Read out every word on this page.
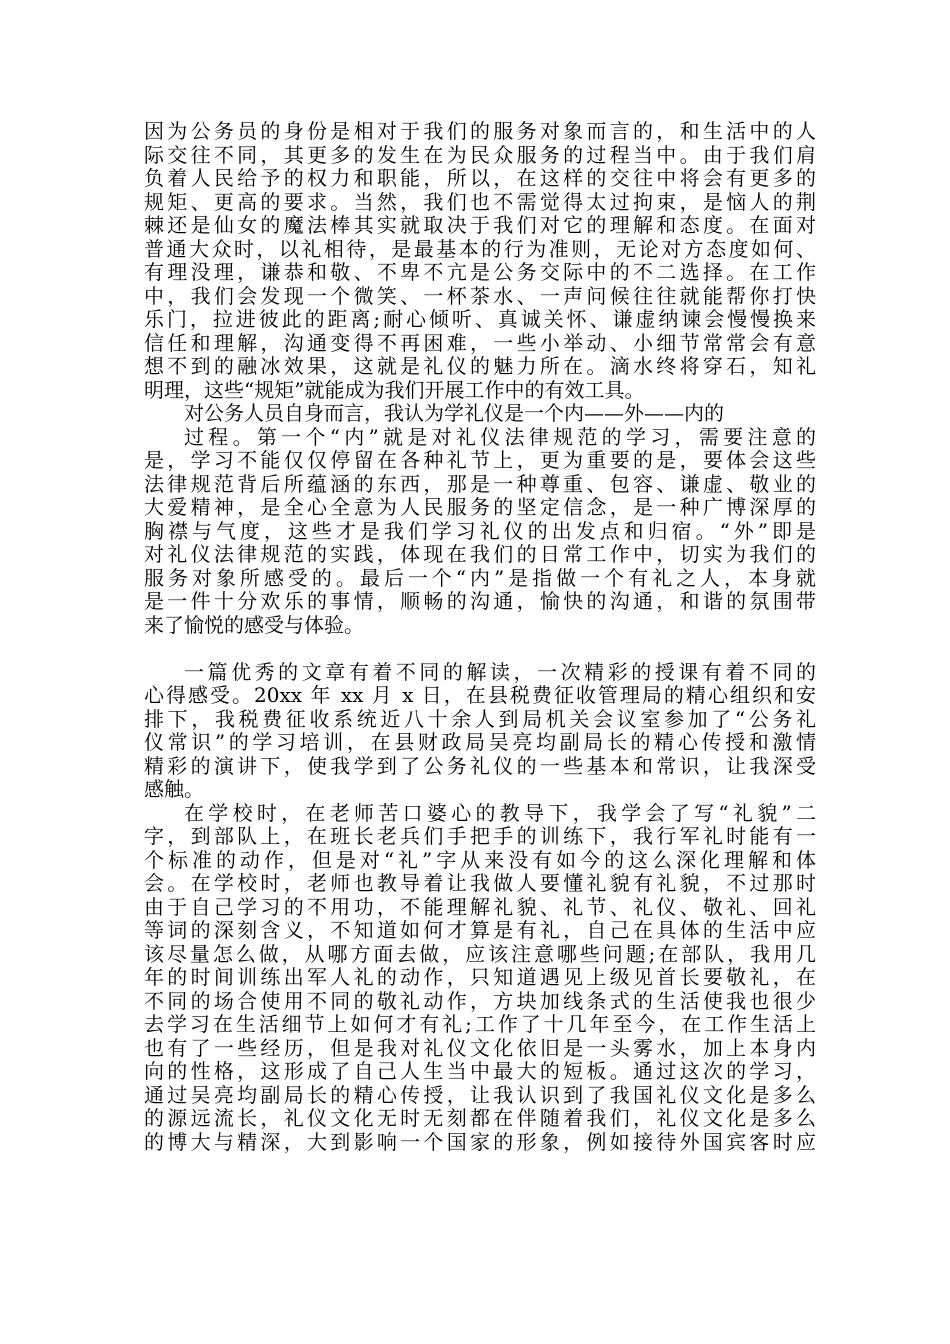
因为公务员的身份是相对于我们的服务对象而言的，和生活中的人
际交往不同，其更多的发生在为民众服务的过程当中。由于我们肩
负着人民给予的权力和职能，所以，在这样的交往中将会有更多的
规矩、更高的要求。当然，我们也不需觉得太过拘束，是恼人的荆
棘还是仙女的魔法棒其实就取决于我们对它的理解和态度。在面对
普通大众时，以礼相待，是最基本的行为准则，无论对方态度如何、
有理没理，谦恭和敬、不卑不亢是公务交际中的不二选择。在工作
中，我们会发现一个微笑、一杯茶水、一声问候往往就能帮你打快
乐门，拉进彼此的距离;耐心倾听、真诚关怀、谦虚纳谏会慢慢换来
信任和理解，沟通变得不再困难，一些小举动、小细节常常会有意
想不到的融冰效果，这就是礼仪的魅力所在。滴水终将穿石，知礼
明理，这些“规矩”就能成为我们开展工作中的有效工具。
对公务人员自身而言，我认为学礼仪是一个内——外——内的
过程。第一个“内”就是对礼仪法律规范的学习，需要注意的
是，学习不能仅仅停留在各种礼节上，更为重要的是，要体会这些
法律规范背后所蕴涵的东西，那是一种尊重、包容、谦虚、敬业的
大爱精神，是全心全意为人民服务的坚定信念，是一种广博深厚的
胸襟与气度，这些才是我们学习礼仪的出发点和归宿。“外”即是
对礼仪法律规范的实践，体现在我们的日常工作中，切实为我们的
服务对象所感受的。最后一个“内”是指做一个有礼之人，本身就
是一件十分欢乐的事情，顺畅的沟通，愉快的沟通，和谐的氛围带
来了愉悦的感受与体验。
一篇优秀的文章有着不同的解读，一次精彩的授课有着不同的
心得感受。20xx 年 xx 月 x 日，在县税费征收管理局的精心组织和安
排下，我税费征收系统近八十余人到局机关会议室参加了“公务礼
仪常识”的学习培训，在县财政局吴亮均副局长的精心传授和激情
精彩的演讲下，使我学到了公务礼仪的一些基本和常识，让我深受
感触。
在学校时，在老师苦口婆心的教导下，我学会了写“礼貌”二
字，到部队上，在班长老兵们手把手的训练下，我行军礼时能有一
个标准的动作，但是对“礼”字从来没有如今的这么深化理解和体
会。在学校时，老师也教导着让我做人要懂礼貌有礼貌，不过那时
由于自己学习的不用功，不能理解礼貌、礼节、礼仪、敬礼、回礼
等词的深刻含义，不知道如何才算是有礼，自己在具体的生活中应
该尽量怎么做，从哪方面去做，应该注意哪些问题;在部队，我用几
年的时间训练出军人礼的动作，只知道遇见上级见首长要敬礼，在
不同的场合使用不同的敬礼动作，方块加线条式的生活使我也很少
去学习在生活细节上如何才有礼;工作了十几年至今，在工作生活上
也有了一些经历，但是我对礼仪文化依旧是一头雾水，加上本身内
向的性格，这形成了自己人生当中最大的短板。通过这次的学习，
通过吴亮均副局长的精心传授，让我认识到了我国礼仪文化是多么
的源远流长，礼仪文化无时无刻都在伴随着我们，礼仪文化是多么
的博大与精深，大到影响一个国家的形象，例如接待外国宾客时应
